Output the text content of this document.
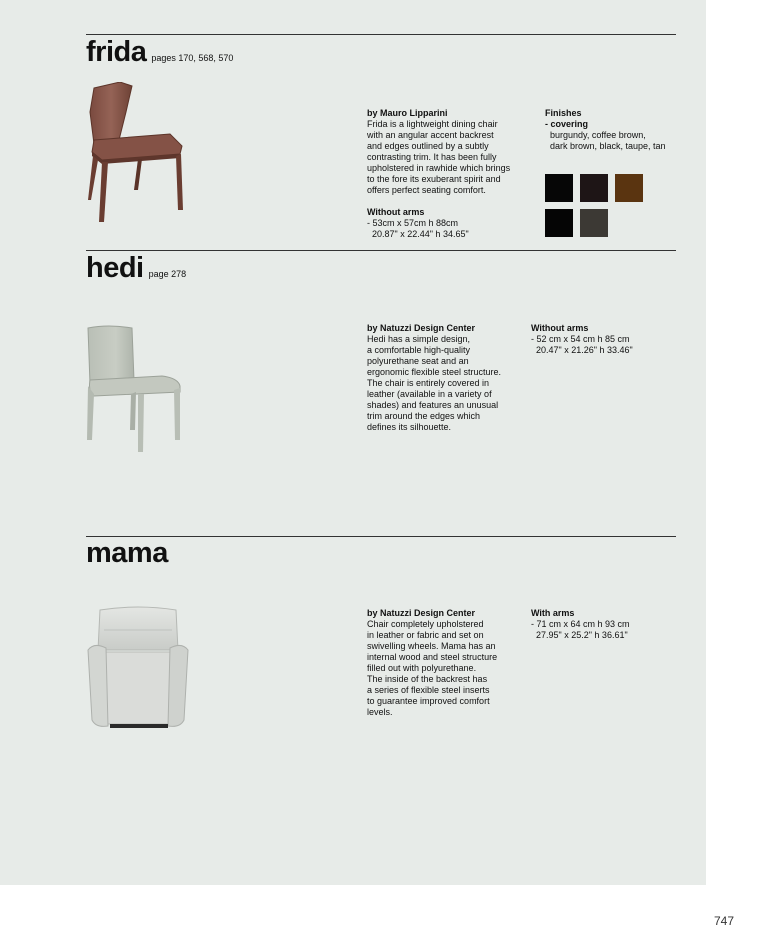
frida pages 170, 568, 570
by Mauro Lipparini
Frida is a lightweight dining chair
with an angular accent backrest
and edges outlined by a subtly
contrasting trim. It has been fully
upholstered in rawhide which brings
to the fore its exuberant spirit and
offers perfect seating comfort.
Without arms
- 53cm x 57cm h 88cm
20.87" x 22.44" h 34.65"
Finishes
- covering
burgundy, coffee brown,
dark brown, black, taupe, tan
hedi page 278
by Natuzzi Design Center
Hedi has a simple design,
a comfortable high-quality
polyurethane seat and an
ergonomic flexible steel structure.
The chair is entirely covered in
leather (available in a variety of
shades) and features an unusual
trim around the edges which
defines its silhouette.
Without arms
- 52 cm x 54 cm h 85 cm
20.47" x 21.26" h 33.46"
mama
by Natuzzi Design Center
Chair completely upholstered
in leather or fabric and set on
swivelling wheels. Mama has an
internal wood and steel structure
filled out with polyurethane.
The inside of the backrest has
a series of flexible steel inserts
to guarantee improved comfort
levels.
With arms
- 71 cm x 64 cm h 93 cm
27.95" x 25.2" h 36.61"
747
